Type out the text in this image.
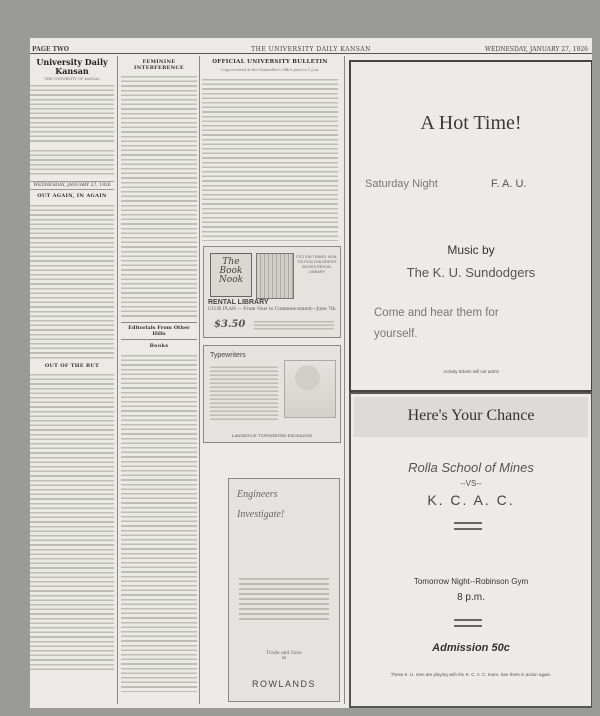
PAGE TWO	THE UNIVERSITY DAILY KANSAN	WEDNESDAY, JANUARY 27, 1926
University Daily Kansan
THE UNIVERSITY OF KANSAS
WEDNESDAY, JANUARY 27, 1926
OUT AGAIN, IN AGAIN
OUT OF THE RUT
FEMININE INTERFERENCE
Editorials From Other Hills
Books
OFFICIAL UNIVERSITY BULLETIN
Copy received at the Chancellor's Office prior to 5 p.m.
The Book Nook
FICTION TRAVEL NON-FICTION CHILDREN'S BOOKS RENTAL LIBRARY
RENTAL LIBRARY
CLUB PLAN — From Now to Commencement—June 7th
$3.50
Typewriters
LAWRENCE TYPEWRITER EXCHANGE
Engineers
Investigate!
Trade and Save
at
ROWLANDS
A Hot Time!
Saturday Night	F. A. U.
Music by
The K. U. Sundodgers
Come and hear them for
yourself.
Activity tickets will not admit
Here's Your Chance
Rolla School of Mines
--VS--
K. C. A. C.
Tomorrow Night--Robinson Gym
8 p.m.
Admission 50c
These K. U. men are playing with the K. C. A. C. team. See them in action again.
